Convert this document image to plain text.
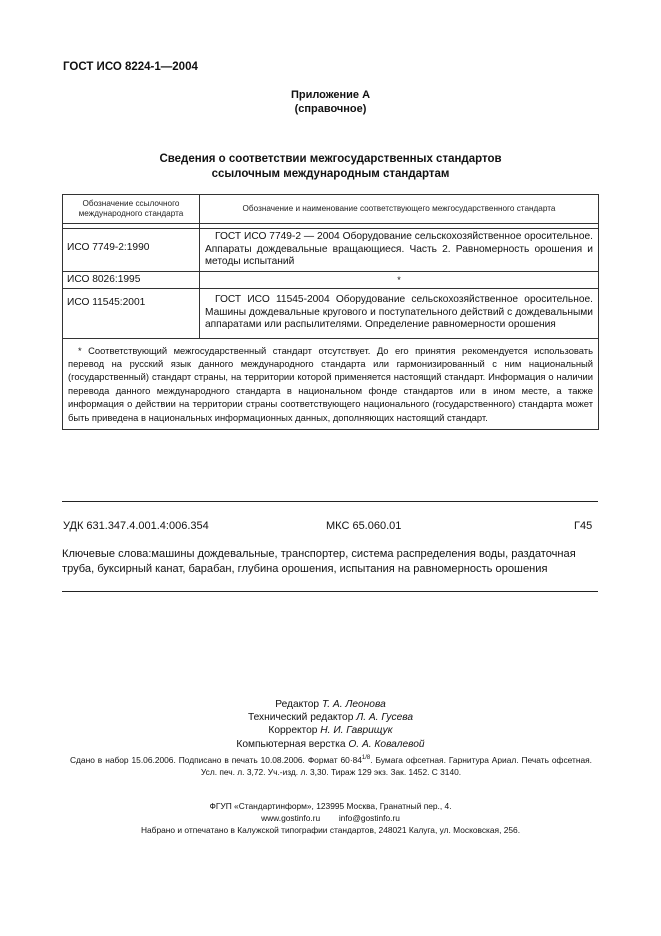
ГОСТ ИСО 8224-1—2004
Приложение А
(справочное)
Сведения о соответствии межгосударственных стандартов
ссылочным международным стандартам
Обозначение ссылочного
международного стандарта	Обозначение и наименование соответствующего межгосударственного стандарта

ИСО 7749-2:1990	ГОСТ ИСО 7749-2 — 2004 Оборудование сельскохозяйственное оросительное. Аппараты дождевальные вращающиеся. Часть 2. Равномерность орошения и методы испытаний
ИСО 8026:1995	*
ИСО 11545:2001	ГОСТ ИСО 11545-2004 Оборудование сельскохозяйственное оросительное. Машины дождевальные кругового и поступательного действий с дождевальными аппаратами или распылителями. Определение равномерности орошения
* Соответствующий межгосударственный стандарт отсутствует. До его принятия рекомендуется использовать перевод на русский язык данного международного стандарта или гармонизированный с ним национальный (государственный) стандарт страны, на территории которой применяется настоящий стандарт. Информация о наличии перевода данного международного стандарта в национальном фонде стандартов или в ином месте, а также информация о действии на территории страны соответствующего национального (государственного) стандарта может быть приведена в национальных информационных данных, дополняющих настоящий стандарт.	
УДК 631.347.4.001.4:006.354	МКС 65.060.01	Г45
Ключевые слова:машины дождевальные, транспортер, система распределения воды, раздаточная труба, буксирный канат, барабан, глубина орошения, испытания на равномерность орошения
Редактор Т. А. Леонова
Технический редактор Л. А. Гусева
Корректор Н. И. Гаврищук
Компьютерная верстка О. А. Ковалевой
Сдано в набор 15.06.2006. Подписано в печать 10.08.2006. Формат $60\cdot 84^{1/8}$. Бумага офсетная. Гарнитура Ариал. Печать офсетная. Усл. печ. л. 3,72. Уч.-изд. л. 3,30. Тираж 129 экз. Зак. 1452. С 3140.
ФГУП «Стандартинформ», 123995 Москва, Гранатный пер., 4.
www.gostinfo.ru info@gostinfo.ru
Набрано и отпечатано в Калужской типографии стандартов, 248021 Калуга, ул. Московская, 256.
